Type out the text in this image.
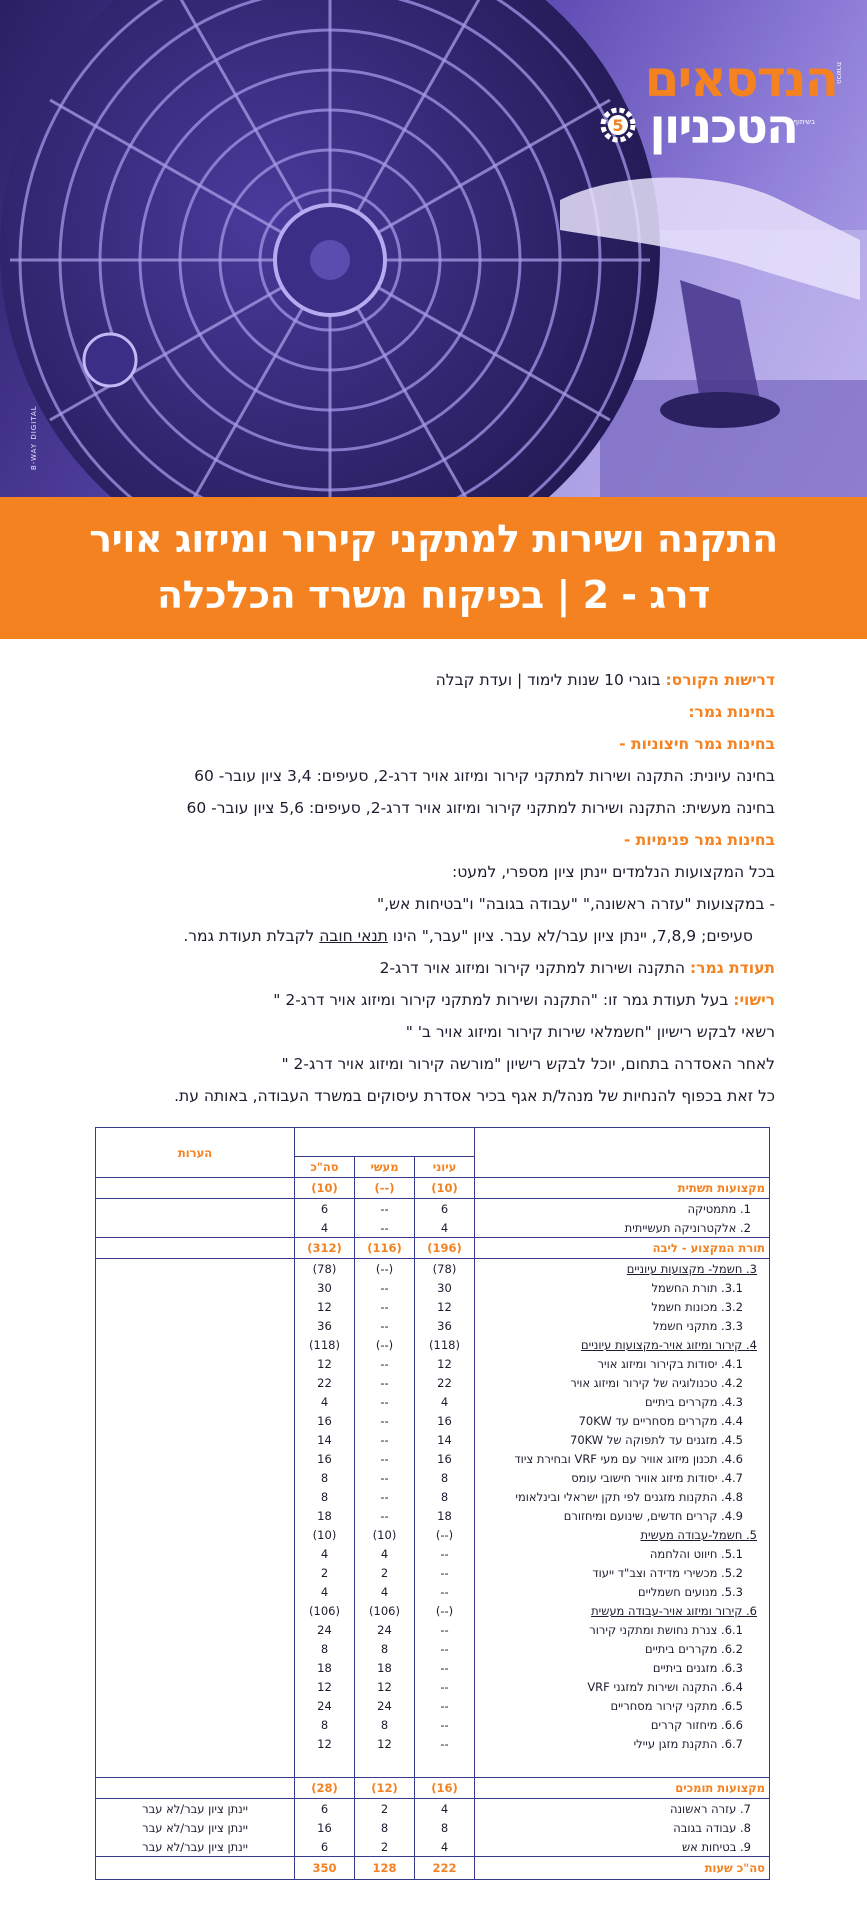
B-WAY DIGITAL
הכשרת
הנדסאים
בשיתוף
הטכניון
5
התקנה ושירות למתקני קירור ומיזוג אויר
דרג - 2 | בפיקוח משרד הכלכלה
דרישות הקורס: בוגרי 10 שנות לימוד | ועדת קבלה
בחינות גמר:
בחינות גמר חיצוניות -
בחינה עיונית: התקנה ושירות למתקני קירור ומיזוג אויר דרג-2, סעיפים: 3,4 ציון עובר- 60
בחינה מעשית: התקנה ושירות למתקני קירור ומיזוג אויר דרג-2, סעיפים: 5,6 ציון עובר- 60
בחינות גמר פנימיות -
בכל המקצועות הנלמדים יינתן ציון מספרי, למעט:
- במקצועות "עזרה ראשונה," "עבודה בגובה" ו"בטיחות אש,"
סעיפים; 7,8,9, יינתן ציון עבר/לא עבר. ציון "עבר," הינו תנאי חובה לקבלת תעודת גמר.
תעודת גמר: התקנה ושירות למתקני קירור ומיזוג אויר דרג-2
רישוי: בעל תעודת גמר זו: "התקנה ושירות למתקני קירור ומיזוג אויר דרג-2 "
רשאי לבקש רישיון "חשמלאי שירות קירור ומיזוג אויר ב' "
לאחר האסדרה בתחום, יוכל לבקש רישיון "מורשה קירור ומיזוג אויר דרג-2 "
כל זאת בכפוף להנחיות של מנהל/ת אגף בכיר אסדרת עיסוקים במשרד העבודה, באותה עת.
				הערות
	עיוני	מעשי	סה"כ	
מקצועות תשתית	(10)	(--)	(10)	
1. מתמטיקה	6	--	6	
2. אלקטרוניקה תעשייתית	4	--	4	
תורת המקצוע - ליבה	(196)	(116)	(312)	
3. חשמל- מקצועות עיוניים	(78)	(--)	(78)	
3.1. תורת החשמל	30	--	30	
3.2. מכונות חשמל	12	--	12	
3.3. מתקני חשמל	36	--	36	
4. קירור ומיזוג אויר-מקצועות עיוניים	(118)	(--)	(118)	
4.1. יסודות בקירור ומיזוג אויר	12	--	12	
4.2. טכנולוגיה של קירור ומיזוג אויר	22	--	22	
4.3. מקררים ביתיים	4	--	4	
4.4. מקררים מסחריים עד 70KW	16	--	16	
4.5. מזגנים עד לתפוקה של 70KW	14	--	14	
4.6. תכנון מיזוג אוויר עם מעי VRF ובחירת ציוד	16	--	16	
4.7. יסודות מיזוג אוויר חישובי עומס	8	--	8	
4.8. התקנות מזגנים לפי תקן ישראלי ובינלאומי	8	--	8	
4.9. קררים חדשים, שינועם ומיחזורם	18	--	18	
5. חשמל-עבודה מעשית	(--)	(10)	(10)	
5.1. חיווט והלחמה	--	4	4	
5.2. מכשירי מדידה וצב"ד ייעוד	--	2	2	
5.3. מנועים חשמליים	--	4	4	
6. קירור ומיזוג אויר-עבודה מעשית	(--)	(106)	(106)	
6.1. צנרת נחושת ומתקני קירור	--	24	24	
6.2. מקררים ביתיים	--	8	8	
6.3. מזגנים ביתיים	--	18	18	
6.4. התקנה ושירות למזגני VRF	--	12	12	
6.5. מתקני קירור מסחריים	--	24	24	
6.6. מיחזור קררים	--	8	8	
6.7. התקנת מזגן עיילי	--	12	12	

מקצועות תומכים	(16)	(12)	(28)	
7. עזרה ראשונה	4	2	6	יינתן ציון עבר/לא עבר
8. עבודה בגובה	8	8	16	יינתן ציון עבר/לא עבר
9. בטיחות אש	4	2	6	יינתן ציון עבר/לא עבר
סה"כ שעות	222	128	350	
